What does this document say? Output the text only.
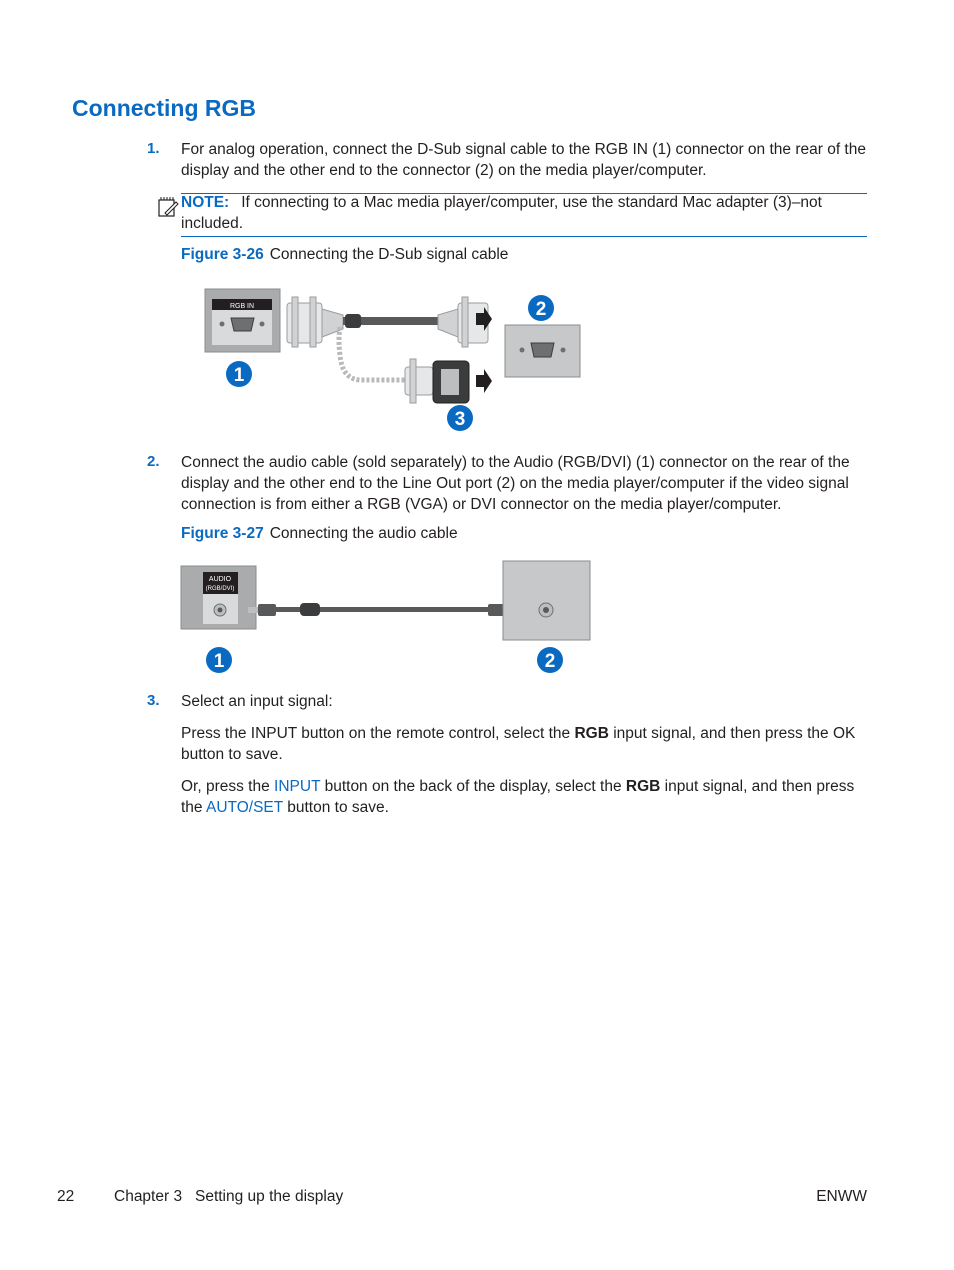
Connecting RGB
1. For analog operation, connect the D-Sub signal cable to the RGB IN (1) connector on the rear of the display and the other end to the connector (2) on the media player/computer.
NOTE: If connecting to a Mac media player/computer, use the standard Mac adapter (3)–not included.
Figure 3-26 Connecting the D-Sub signal cable
RGB IN
1
2
3
2. Connect the audio cable (sold separately) to the Audio (RGB/DVI) (1) connector on the rear of the display and the other end to the Line Out port (2) on the media player/computer if the video signal connection is from either a RGB (VGA) or DVI connector on the media player/computer.
Figure 3-27 Connecting the audio cable
AUDIO
(RGB/DVI)
1	2
3. Select an input signal:
Press the INPUT button on the remote control, select the RGB input signal, and then press the OK button to save.
Or, press the INPUT button on the back of the display, select the RGB input signal, and then press the AUTO/SET button to save.
22	Chapter 3   Setting up the display	ENWW
